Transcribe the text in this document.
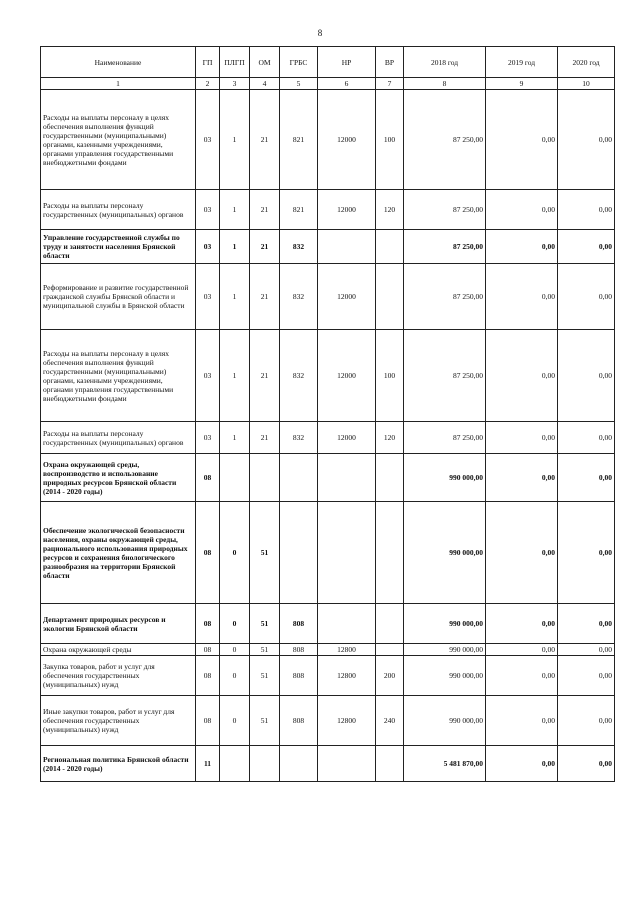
8
Наименование	ГП	ПЛГП	ОМ	ГРБС	НР	ВР	2018 год	2019 год	2020 год
1	2	3	4	5	6	7	8	9	10
Расходы на выплаты персоналу в целях обеспечения выполнения функций государственными (муниципальными) органами, казенными учреждениями, органами управления государственными внебюджетными фондами	03	1	21	821	12000	100	87 250,00	0,00	0,00
Расходы на выплаты персоналу государственных (муниципальных) органов	03	1	21	821	12000	120	87 250,00	0,00	0,00
Управление государственной службы по труду и занятости населения Брянской области	03	1	21	832			87 250,00	0,00	0,00
Реформирование и развитие государственной гражданской службы Брянской области и муниципальной службы в Брянской области	03	1	21	832	12000		87 250,00	0,00	0,00
Расходы на выплаты персоналу в целях обеспечения выполнения функций государственными (муниципальными) органами, казенными учреждениями, органами управления государственными внебюджетными фондами	03	1	21	832	12000	100	87 250,00	0,00	0,00
Расходы на выплаты персоналу государственных (муниципальных) органов	03	1	21	832	12000	120	87 250,00	0,00	0,00
Охрана окружающей среды, воспроизводство и использование природных ресурсов Брянской области (2014 - 2020 годы)	08						990 000,00	0,00	0,00
Обеспечение экологической безопасности населения, охраны окружающей среды, рационального использования природных ресурсов и сохранения биологического разнообразия на территории Брянской области	08	0	51				990 000,00	0,00	0,00
Департамент природных ресурсов и экологии Брянской области	08	0	51	808			990 000,00	0,00	0,00
Охрана окружающей среды	08	0	51	808	12800		990 000,00	0,00	0,00
Закупка товаров, работ и услуг для обеспечения государственных (муниципальных) нужд	08	0	51	808	12800	200	990 000,00	0,00	0,00
Иные закупки товаров, работ и услуг для обеспечения государственных (муниципальных) нужд	08	0	51	808	12800	240	990 000,00	0,00	0,00
Региональная политика Брянской области (2014 - 2020 годы)	11						5 481 870,00	0,00	0,00
